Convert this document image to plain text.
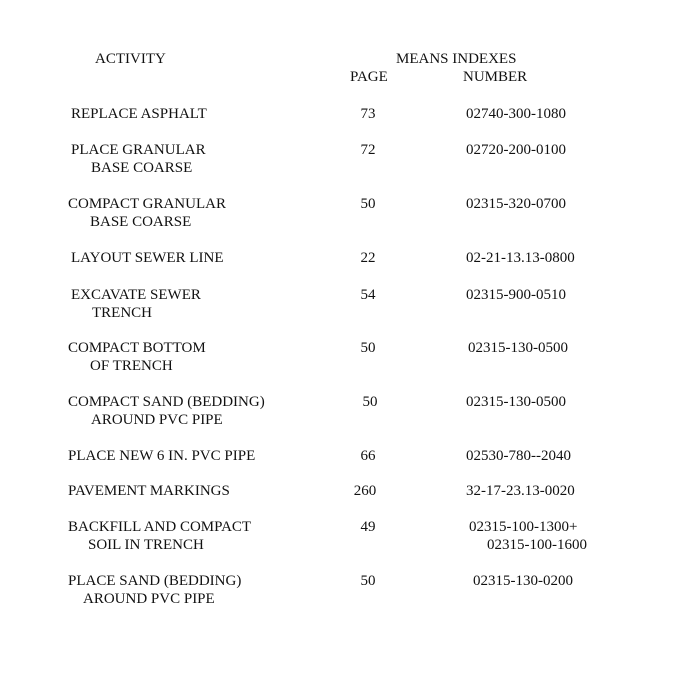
ACTIVITY	MEANS INDEXES
PAGE	NUMBER
REPLACE ASPHALT	73	02740-300-1080
PLACE GRANULAR
BASE COARSE
72	02720-200-0100
COMPACT GRANULAR
BASE COARSE
50	02315-320-0700
LAYOUT SEWER LINE	22	02-21-13.13-0800
EXCAVATE SEWER
TRENCH
54	02315-900-0510
COMPACT BOTTOM
OF TRENCH
50	02315-130-0500
COMPACT SAND (BEDDING)
AROUND PVC PIPE
50	02315-130-0500
PLACE NEW 6 IN. PVC PIPE	66	02530-780--2040
PAVEMENT MARKINGS	260	32-17-23.13-0020
BACKFILL AND COMPACT
SOIL IN TRENCH
49	02315-100-1300+
02315-100-1600
PLACE SAND (BEDDING)
AROUND PVC PIPE
50	02315-130-0200
